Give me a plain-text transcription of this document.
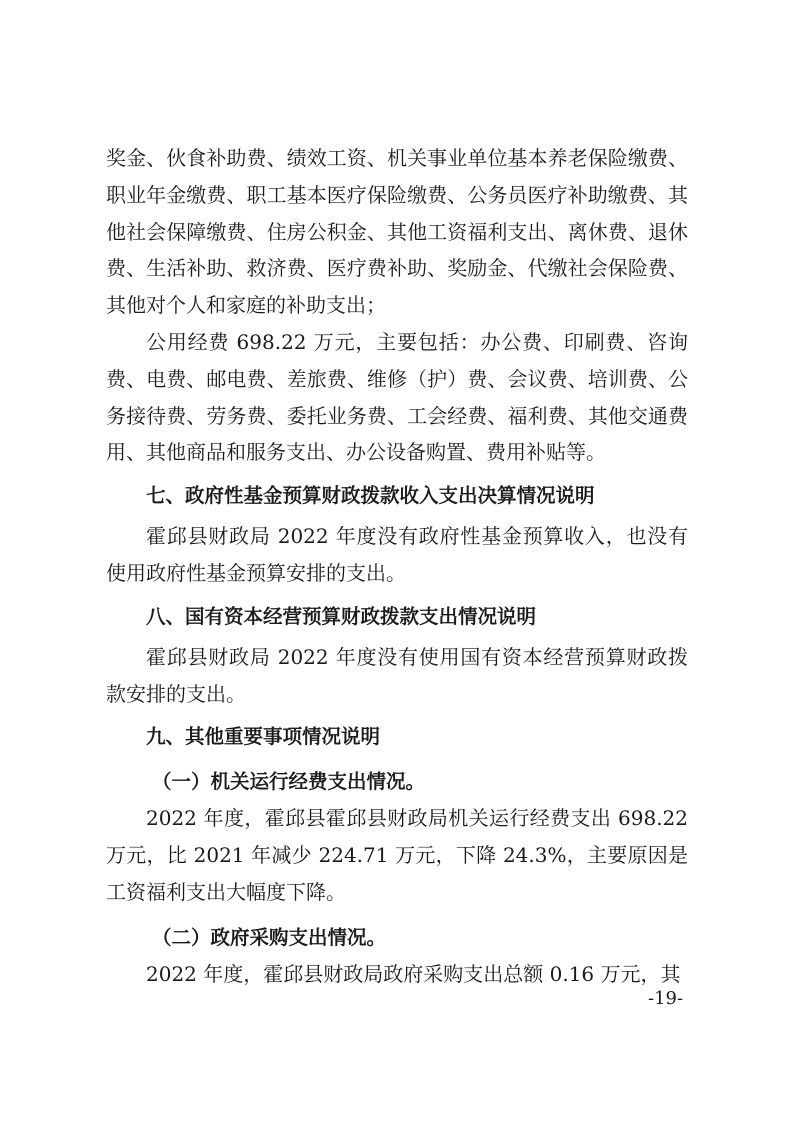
奖金、伙食补助费、绩效工资、机关事业单位基本养老保险缴费、职业年金缴费、职工基本医疗保险缴费、公务员医疗补助缴费、其他社会保障缴费、住房公积金、其他工资福利支出、离休费、退休费、生活补助、救济费、医疗费补助、奖励金、代缴社会保险费、其他对个人和家庭的补助支出；

公用经费 698.22 万元，主要包括：办公费、印刷费、咨询费、电费、邮电费、差旅费、维修（护）费、会议费、培训费、公务接待费、劳务费、委托业务费、工会经费、福利费、其他交通费用、其他商品和服务支出、办公设备购置、费用补贴等。

七、政府性基金预算财政拨款收入支出决算情况说明

霍邱县财政局 2022 年度没有政府性基金预算收入，也没有使用政府性基金预算安排的支出。

八、国有资本经营预算财政拨款支出情况说明

霍邱县财政局 2022 年度没有使用国有资本经营预算财政拨款安排的支出。

九、其他重要事项情况说明
（一）机关运行经费支出情况。

2022 年度，霍邱县霍邱县财政局机关运行经费支出 698.22 万元，比 2021 年减少 224.71 万元，下降 24.3%，主要原因是工资福利支出大幅度下降。

（二）政府采购支出情况。

2022 年度，霍邱县财政局政府采购支出总额 0.16 万元，其

-19-
